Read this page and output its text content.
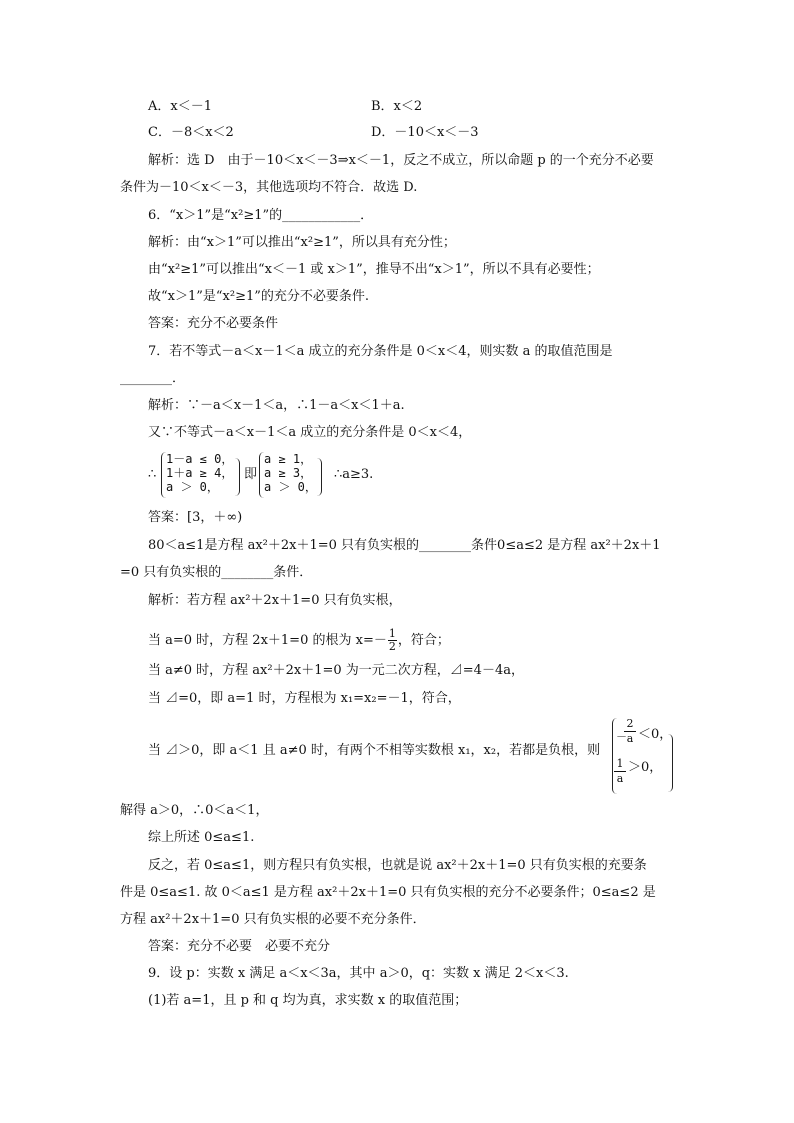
A．x＜－1	B．x＜2
C．－8＜x＜2	D．－10＜x＜－3
解析：选 D　由于－10＜x＜－3⇒x＜－1，反之不成立，所以命题 p 的一个充分不必要
条件为－10＜x＜－3，其他选项均不符合．故选 D.
6．“x＞1”是“x²≥1”的____________．
解析：由“x＞1”可以推出“x²≥1”，所以具有充分性；
由“x²≥1”可以推出“x＜－1 或 x＞1”，推导不出“x＞1”，所以不具有必要性；
故“x＞1”是“x²≥1”的充分不必要条件.
答案：充分不必要条件
7．若不等式－a＜x－1＜a 成立的充分条件是 0＜x＜4，则实数 a 的取值范围是
________．
解析：∵－a＜x－1＜a，∴1－a＜x＜1＋a.
又∵不等式－a＜x－1＜a 成立的充分条件是 0＜x＜4，
∴
1－a ≤ 0，
1＋a ≥ 4，
a ＞ 0，
即
a ≥ 1，
a ≥ 3，
a ＞ 0，
∴a≥3.
答案：[3，＋∞)
80＜a≤1是方程 ax²＋2x＋1=0 只有负实根的________条件0≤a≤2 是方程 ax²＋2x＋1
=0 只有负实根的________条件．
解析：若方程 ax²＋2x＋1=0 只有负实根，
当 a=0 时，方程 2x＋1=0 的根为 $x=- \frac{1}{2}$ ，符合；
当 a≠0 时，方程 ax²＋2x＋1=0 为一元二次方程，⊿=4－4a，
当 ⊿=0，即 a=1 时，方程根为 x₁=x₂=－1，符合，
当 ⊿＞0，即 a＜1 且 a≠0 时，有两个不相等实数根 x₁，x₂，若都是负根，则
－
2
a ＜0，
1
a
＞0，
解得 a＞0，∴0＜a＜1，
综上所述 0≤a≤1.
反之，若 0≤a≤1，则方程只有负实根，也就是说 ax²＋2x＋1=0 只有负实根的充要条
件是 0≤a≤1. 故 0＜a≤1 是方程 ax²＋2x＋1=0 只有负实根的充分不必要条件；0≤a≤2 是
方程 ax²＋2x＋1=0 只有负实根的必要不充分条件．
答案：充分不必要　必要不充分
9．设 p：实数 x 满足 a＜x＜3a，其中 a＞0，q：实数 x 满足 2＜x＜3.
(1)若 a=1，且 p 和 q 均为真，求实数 x 的取值范围；
